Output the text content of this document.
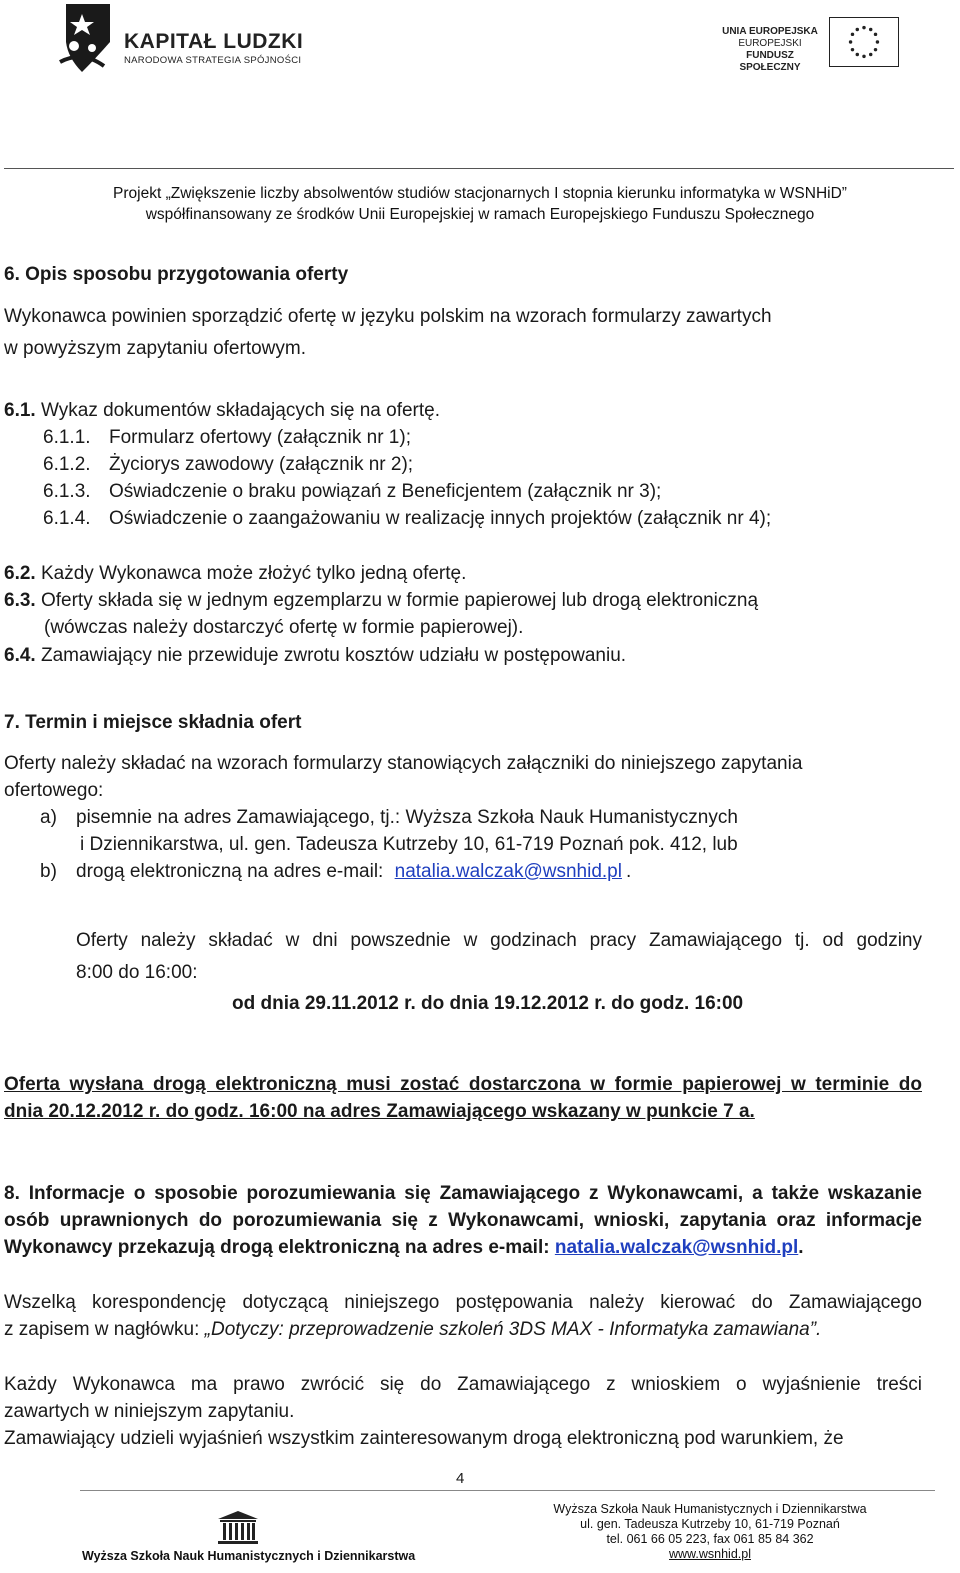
KAPITAŁ LUDZKI
NARODOWA STRATEGIA SPÓJNOŚCI
UNIA EUROPEJSKA
EUROPEJSKI
FUNDUSZ SPOŁECZNY
Projekt „Zwiększenie liczby absolwentów studiów stacjonarnych I stopnia kierunku informatyka w WSNHiD”
współfinansowany ze środków Unii Europejskiej w ramach Europejskiego Funduszu Społecznego
6. Opis sposobu przygotowania oferty
Wykonawca powinien sporządzić ofertę w języku polskim na wzorach formularzy zawartych
w powyższym zapytaniu ofertowym.
6.1. Wykaz dokumentów składających się na ofertę.
6.1.1. Formularz ofertowy (załącznik nr 1);
6.1.2. Życiorys zawodowy (załącznik nr 2);
6.1.3. Oświadczenie o braku powiązań z Beneficjentem (załącznik nr 3);
6.1.4. Oświadczenie o zaangażowaniu w realizację innych projektów (załącznik nr 4);
6.2. Każdy Wykonawca może złożyć tylko jedną ofertę.
6.3. Oferty składa się w jednym egzemplarzu w formie papierowej lub drogą elektroniczną
(wówczas należy dostarczyć ofertę w formie papierowej).
6.4. Zamawiający nie przewiduje zwrotu kosztów udziału w postępowaniu.
7. Termin i miejsce składnia ofert
Oferty należy składać na wzorach formularzy stanowiących załączniki do niniejszego zapytania
ofertowego:
a) pisemnie na adres Zamawiającego, tj.: Wyższa Szkoła Nauk Humanistycznych
i Dziennikarstwa, ul. gen. Tadeusza Kutrzeby 10, 61-719 Poznań pok. 412, lub
b) drogą elektroniczną na adres e-mail: natalia.walczak@wsnhid.pl .
Oferty należy składać w dni powszednie w godzinach pracy Zamawiającego tj. od godziny
8:00 do 16:00:
od dnia 29.11.2012 r. do dnia 19.12.2012 r. do godz. 16:00
Oferta wysłana drogą elektroniczną musi zostać dostarczona w formie papierowej w terminie do
dnia 20.12.2012 r. do godz. 16:00 na adres Zamawiającego wskazany w punkcie 7 a.
8. Informacje o sposobie porozumiewania się Zamawiającego z Wykonawcami, a także wskazanie
osób uprawnionych do porozumiewania się z Wykonawcami, wnioski, zapytania oraz informacje
Wykonawcy przekazują drogą elektroniczną na adres e-mail: natalia.walczak@wsnhid.pl.
Wszelką korespondencję dotyczącą niniejszego postępowania należy kierować do Zamawiającego
z zapisem w nagłówku: „Dotyczy: przeprowadzenie szkoleń 3DS MAX - Informatyka zamawiana”.
Każdy Wykonawca ma prawo zwrócić się do Zamawiającego z wnioskiem o wyjaśnienie treści
zawartych w niniejszym zapytaniu.
Zamawiający udzieli wyjaśnień wszystkim zainteresowanym drogą elektroniczną pod warunkiem, że
4
Wyższa Szkoła Nauk Humanistycznych i Dziennikarstwa
Wyższa Szkoła Nauk Humanistycznych i Dziennikarstwa
ul. gen. Tadeusza Kutrzeby 10, 61-719 Poznań
tel. 061 66 05 223, fax 061 85 84 362
www.wsnhid.pl
